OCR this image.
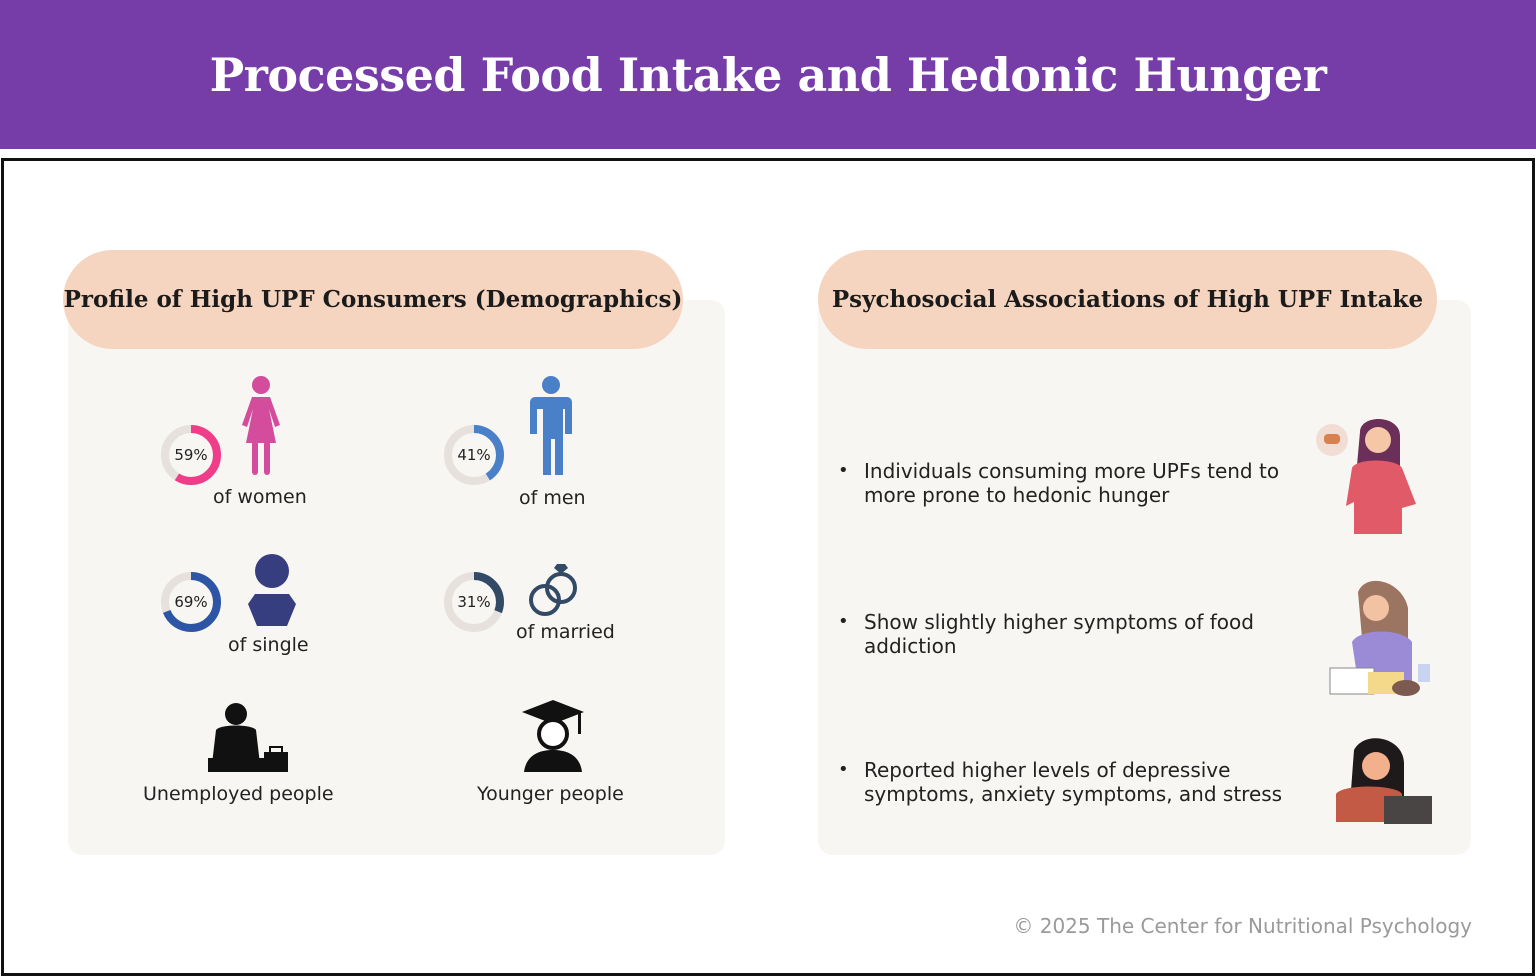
Processed Food Intake and Hedonic Hunger
Profile of High UPF Consumers (Demographics)
59%	41%
69%	31%
of women	of men
of single
of married
Unemployed people	Younger people
Psychosocial Associations of High UPF Intake
• Individuals consuming more UPFs tend to more prone to hedonic hunger
• Show slightly higher symptoms of food addiction
• Reported higher levels of depressive symptoms, anxiety symptoms, and stress
© 2025 The Center for Nutritional Psychology
